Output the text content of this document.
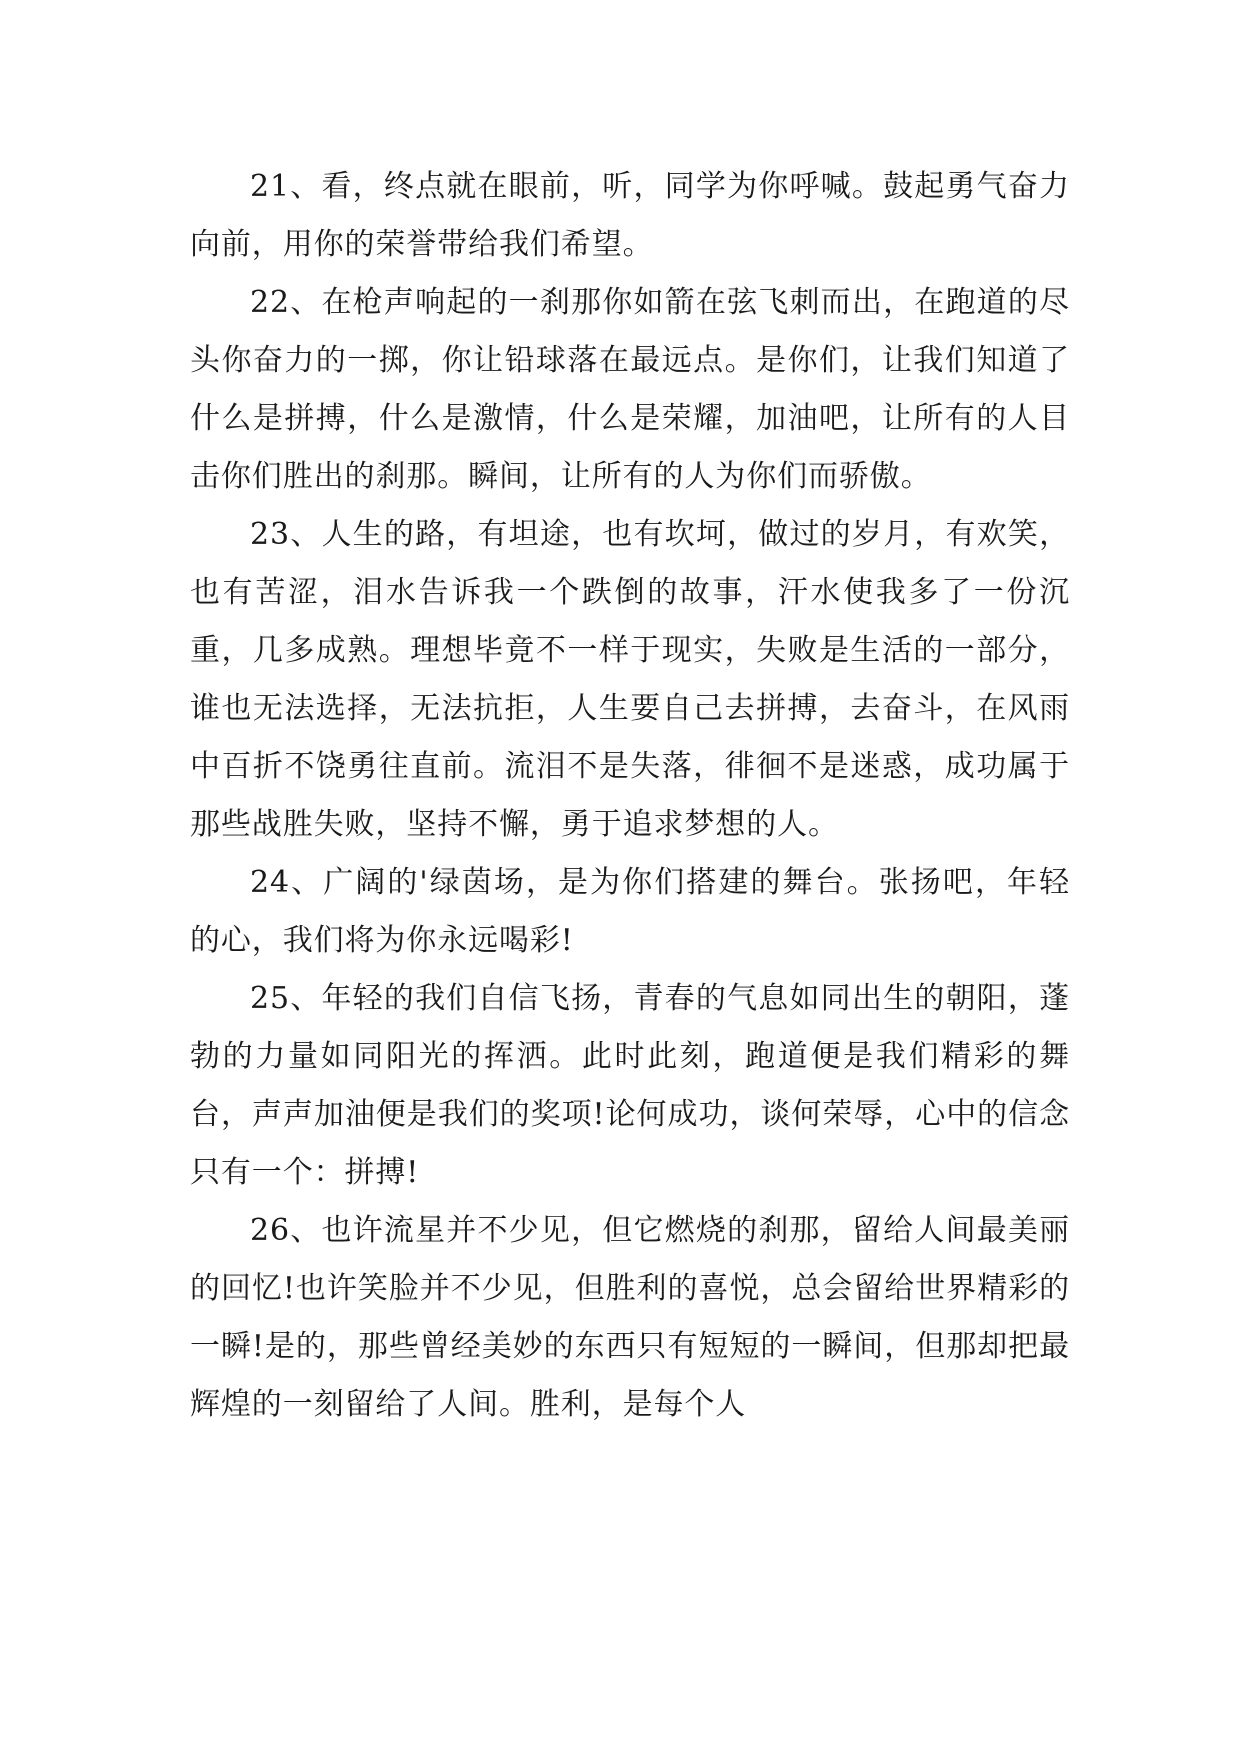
21、看，终点就在眼前，听，同学为你呼喊。鼓起勇气奋力向前，用你的荣誉带给我们希望。

22、在枪声响起的一刹那你如箭在弦飞刺而出，在跑道的尽头你奋力的一掷，你让铅球落在最远点。是你们，让我们知道了什么是拼搏，什么是激情，什么是荣耀，加油吧，让所有的人目击你们胜出的刹那。瞬间，让所有的人为你们而骄傲。

23、人生的路，有坦途，也有坎坷，做过的岁月，有欢笑，也有苦涩，泪水告诉我一个跌倒的故事，汗水使我多了一份沉重，几多成熟。理想毕竟不一样于现实，失败是生活的一部分，谁也无法选择，无法抗拒，人生要自己去拼搏，去奋斗，在风雨中百折不饶勇往直前。流泪不是失落，徘徊不是迷惑，成功属于那些战胜失败，坚持不懈，勇于追求梦想的人。

24、广阔的'绿茵场，是为你们搭建的舞台。张扬吧，年轻的心，我们将为你永远喝彩!

25、年轻的我们自信飞扬，青春的气息如同出生的朝阳，蓬勃的力量如同阳光的挥洒。此时此刻，跑道便是我们精彩的舞台，声声加油便是我们的奖项!论何成功，谈何荣辱，心中的信念只有一个：拼搏!

26、也许流星并不少见，但它燃烧的刹那，留给人间最美丽的回忆!也许笑脸并不少见，但胜利的喜悦，总会留给世界精彩的一瞬!是的，那些曾经美妙的东西只有短短的一瞬间，但那却把最辉煌的一刻留给了人间。胜利，是每个人
